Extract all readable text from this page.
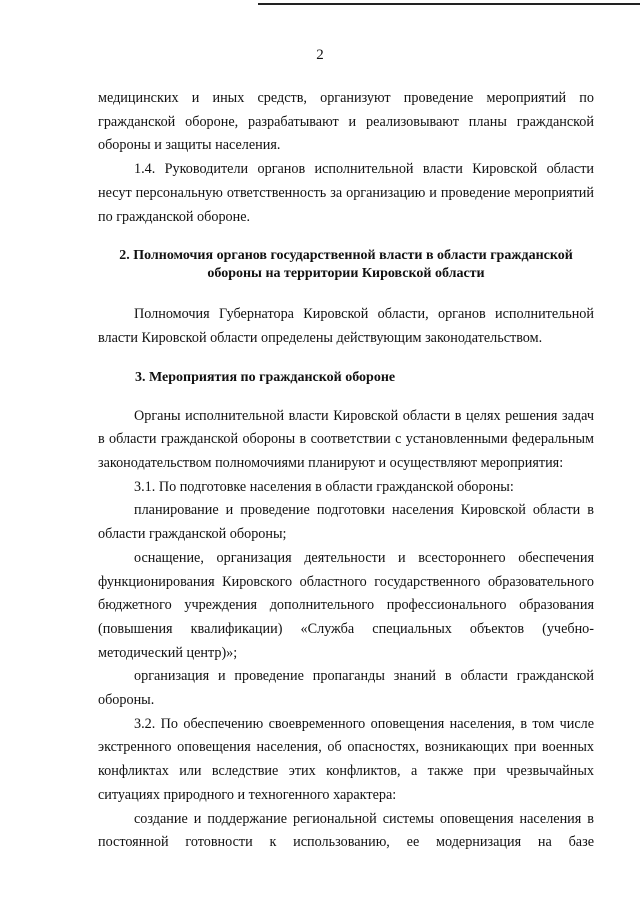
2

медицинских и иных средств, организуют проведение мероприятий по гражданской обороне, разрабатывают и реализовывают планы гражданской обороны и защиты населения.

1.4. Руководители органов исполнительной власти Кировской области несут персональную ответственность за организацию и проведение мероприятий по гражданской обороне.

2. Полномочия органов государственной власти в области гражданской обороны на территории Кировской области

Полномочия Губернатора Кировской области, органов исполнительной власти Кировской области определены действующим законодательством.

3. Мероприятия по гражданской обороне

Органы исполнительной власти Кировской области в целях решения задач в области гражданской обороны в соответствии с установленными федеральным законодательством полномочиями планируют и осуществляют мероприятия:

3.1. По подготовке населения в области гражданской обороны:

планирование и проведение подготовки населения Кировской области в области гражданской обороны;

оснащение, организация деятельности и всестороннего обеспечения функционирования Кировского областного государственного образовательного бюджетного учреждения дополнительного профессионального образования (повышения квалификации) «Служба специальных объектов (учебно-методический центр)»;

организация и проведение пропаганды знаний в области гражданской обороны.

3.2. По обеспечению своевременного оповещения населения, в том числе экстренного оповещения населения, об опасностях, возникающих при военных конфликтах или вследствие этих конфликтов, а также при чрезвычайных ситуациях природного и техногенного характера:

создание и поддержание региональной системы оповещения населения в постоянной готовности к использованию, ее модернизация на базе
